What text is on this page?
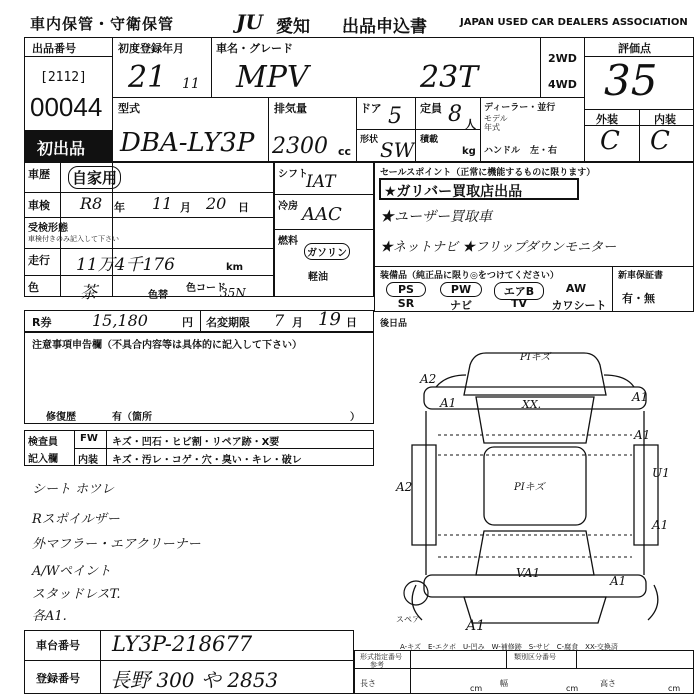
車内保管・守衛保管	JU 愛知 出品申込書	JAPAN USED CAR DEALERS ASSOCIATION
出品番号
[2112]
00044
初出品
初度登録年月
21 11
車名・グレード
MPV	23T
2WD
4WD
評価点
35
外装	内装
C C
型式
DBA-LY3P
排気量
2300 cc
ドア 5 定員 8 人
形状 SW 積載
kg
ディーラー・並行
モデル
年式
ハンドル 左・右
車歴 自家用
車検 R8 年 11 月 20 日
受検形態
車検付きのみ記入して下さい
走行 11万4千176	km
色 茶	色替
色コード
35N
シフト
IAT
冷房 AAC
燃料
ガソリン
軽油
セールスポイント（正常に機能するものに限ります）
★ガリバー買取店出品
★ユーザー買取車
★ネットナビ ★フリップダウンモニター
装備品（純正品に限り◎をつけてください）	新車保証書
有・無
PS	PW	エアB	AW
SR	ナビ	TV	カワシート
R券	15,180	円 名変期限 7 月 19 日	後日品
注意事項申告欄（不具合内容等は具体的に記入して下さい）
修復歴	有（箇所	）
検査員
記入欄
FW キズ・凹石・ヒビ割・リペア跡・X要
内装 キズ・汚レ・コゲ・穴・臭い・キレ・破レ
シート ホツレ
Rスポイルザー
外マフラー・エアクリーナー
A/Wペイント
スタッドレスT.
各A1.
PIキズ
XX.
A2
A1
A1
A1
A2	PIキズ
U1
A1
A1
VA1
A1
スペア
A-キズ　E-エクボ　U-凹み　W-補修跡　S-サビ　C-腐食　XX-交換済
車台番号 LY3P-218677
登録番号 長野 300 や 2853
形式指定番号
参考
類別区分番号
長さ
cm
幅
cm
高さ
cm
